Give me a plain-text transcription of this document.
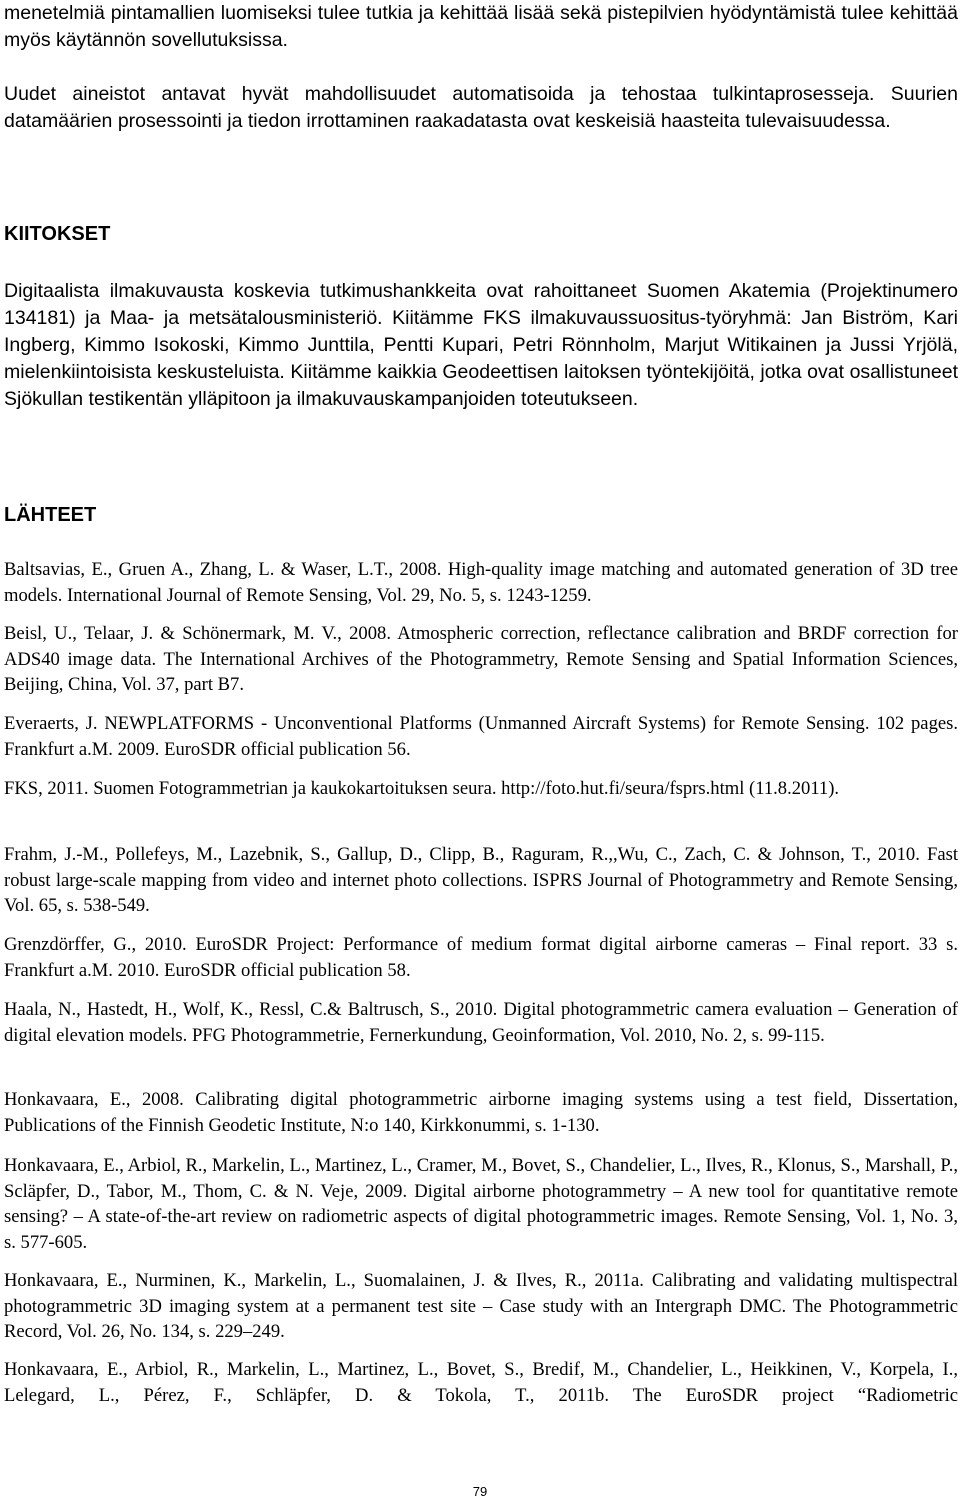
menetelmiä pintamallien luomiseksi tulee tutkia ja kehittää lisää sekä pistepilvien hyödyntämistä tulee kehittää myös käytännön sovellutuksissa.

Uudet aineistot antavat hyvät mahdollisuudet automatisoida ja tehostaa tulkintaprosesseja. Suurien datamäärien prosessointi ja tiedon irrottaminen raakadatasta ovat keskeisiä haasteita tulevaisuudessa.

KIITOKSET

Digitaalista ilmakuvausta koskevia tutkimushankkeita ovat rahoittaneet Suomen Akatemia (Projektinumero 134181) ja Maa- ja metsätalousministeriö. Kiitämme FKS ilmakuvaussuositus-työryhmä: Jan Biström, Kari Ingberg, Kimmo Isokoski, Kimmo Junttila, Pentti Kupari, Petri Rönnholm, Marjut Witikainen ja Jussi Yrjölä, mielenkiintoisista keskusteluista. Kiitämme kaikkia Geodeettisen laitoksen työntekijöitä, jotka ovat osallistuneet Sjökullan testikentän ylläpitoon ja ilmakuvauskampanjoiden toteutukseen.

LÄHTEET

Baltsavias, E., Gruen A., Zhang, L. & Waser, L.T., 2008. High-quality image matching and automated generation of 3D tree models. International Journal of Remote Sensing, Vol. 29, No. 5, s. 1243-1259.

Beisl, U., Telaar, J. & Schönermark, M. V., 2008. Atmospheric correction, reflectance calibration and BRDF correction for ADS40 image data. The International Archives of the Photogrammetry, Remote Sensing and Spatial Information Sciences, Beijing, China, Vol. 37, part B7.

Everaerts, J. NEWPLATFORMS - Unconventional Platforms (Unmanned Aircraft Systems) for Remote Sensing. 102 pages. Frankfurt a.M. 2009. EuroSDR official publication 56.

FKS, 2011. Suomen Fotogrammetrian ja kaukokartoituksen seura. http://foto.hut.fi/seura/fsprs.html (11.8.2011).

Frahm, J.-M., Pollefeys, M., Lazebnik, S., Gallup, D., Clipp, B., Raguram, R.,,Wu, C., Zach, C. & Johnson, T., 2010. Fast robust large-scale mapping from video and internet photo collections. ISPRS Journal of Photogrammetry and Remote Sensing, Vol. 65, s. 538-549.

Grenzdörffer, G., 2010. EuroSDR Project: Performance of medium format digital airborne cameras – Final report. 33 s. Frankfurt a.M. 2010. EuroSDR official publication 58.

Haala, N., Hastedt, H., Wolf, K., Ressl, C.& Baltrusch, S., 2010. Digital photogrammetric camera evaluation – Generation of digital elevation models. PFG Photogrammetrie, Fernerkundung, Geoinformation, Vol. 2010, No. 2, s. 99-115.

Honkavaara, E., 2008. Calibrating digital photogrammetric airborne imaging systems using a test field, Dissertation, Publications of the Finnish Geodetic Institute, N:o 140, Kirkkonummi, s. 1-130.

Honkavaara, E., Arbiol, R., Markelin, L., Martinez, L., Cramer, M., Bovet, S., Chandelier, L., Ilves, R., Klonus, S., Marshall, P., Scläpfer, D., Tabor, M., Thom, C. & N. Veje, 2009. Digital airborne photogrammetry – A new tool for quantitative remote sensing? – A state-of-the-art review on radiometric aspects of digital photogrammetric images. Remote Sensing, Vol. 1, No. 3, s. 577-605.

Honkavaara, E., Nurminen, K., Markelin, L., Suomalainen, J. & Ilves, R., 2011a. Calibrating and validating multispectral photogrammetric 3D imaging system at a permanent test site – Case study with an Intergraph DMC. The Photogrammetric Record, Vol. 26, No. 134, s. 229–249.

Honkavaara, E., Arbiol, R., Markelin, L., Martinez, L., Bovet, S., Bredif, M., Chandelier, L., Heikkinen, V., Korpela, I., Lelegard, L., Pérez, F., Schläpfer, D. & Tokola, T., 2011b. The EuroSDR project “Radiometric

79
